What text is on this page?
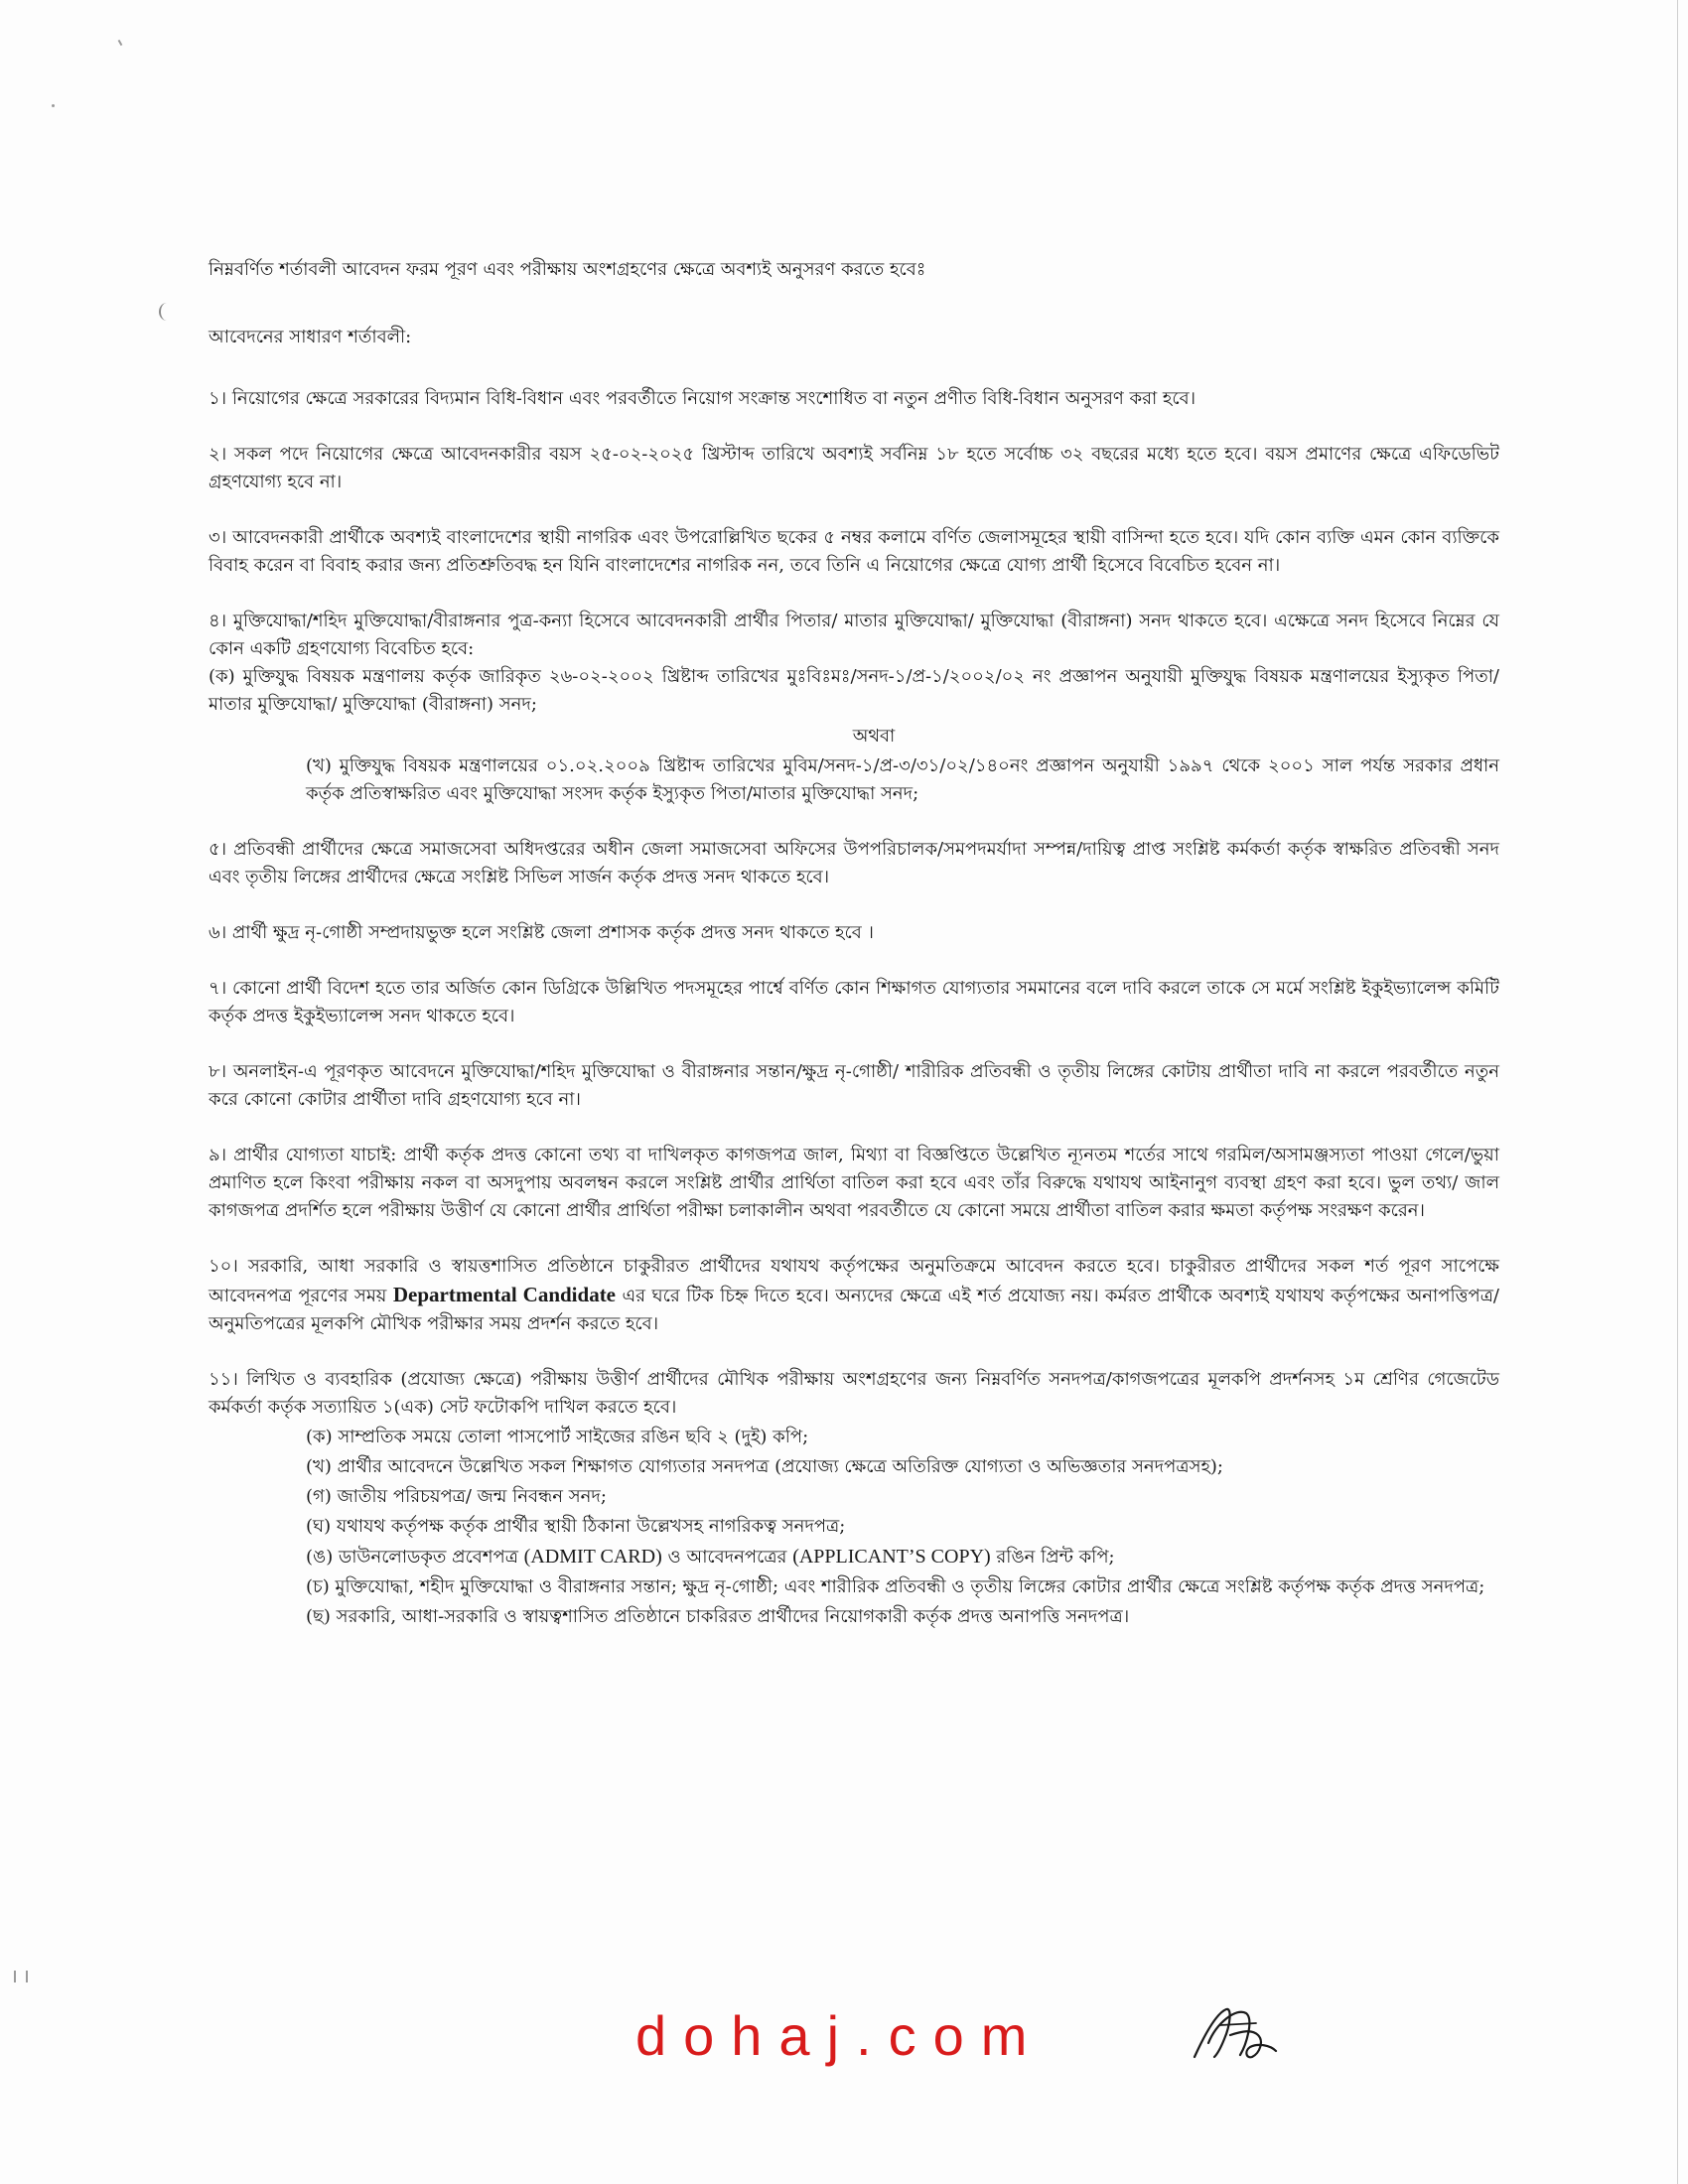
নিম্নবর্ণিত শর্তাবলী আবেদন ফরম পূরণ এবং পরীক্ষায় অংশগ্রহণের ক্ষেত্রে অবশ্যই অনুসরণ করতে হবেঃ

আবেদনের সাধারণ শর্তাবলী:

১। নিয়োগের ক্ষেত্রে সরকারের বিদ্যমান বিধি-বিধান এবং পরবর্তীতে নিয়োগ সংক্রান্ত সংশোধিত বা নতুন প্রণীত বিধি-বিধান অনুসরণ করা হবে।

২। সকল পদে নিয়োগের ক্ষেত্রে আবেদনকারীর বয়স ২৫-০২-২০২৫ খ্রিস্টাব্দ তারিখে অবশ্যই সর্বনিম্ন ১৮ হতে সর্বোচ্চ ৩২ বছরের মধ্যে হতে হবে। বয়স প্রমাণের ক্ষেত্রে এফিডেভিট গ্রহণযোগ্য হবে না।

৩। আবেদনকারী প্রার্থীকে অবশ্যই বাংলাদেশের স্থায়ী নাগরিক এবং উপরোল্লিখিত ছকের ৫ নম্বর কলামে বর্ণিত জেলাসমূহের স্থায়ী বাসিন্দা হতে হবে। যদি কোন ব্যক্তি এমন কোন ব্যক্তিকে বিবাহ করেন বা বিবাহ করার জন্য প্রতিশ্রুতিবদ্ধ হন যিনি বাংলাদেশের নাগরিক নন, তবে তিনি এ নিয়োগের ক্ষেত্রে যোগ্য প্রার্থী হিসেবে বিবেচিত হবেন না।

৪। মুক্তিযোদ্ধা/শহিদ মুক্তিযোদ্ধা/বীরাঙ্গনার পুত্র-কন্যা হিসেবে আবেদনকারী প্রার্থীর পিতার/ মাতার মুক্তিযোদ্ধা/ মুক্তিযোদ্ধা (বীরাঙ্গনা) সনদ থাকতে হবে। এক্ষেত্রে সনদ হিসেবে নিম্নের যে কোন একটি গ্রহণযোগ্য বিবেচিত হবে:

(ক) মুক্তিযুদ্ধ বিষয়ক মন্ত্রণালয় কর্তৃক জারিকৃত ২৬-০২-২০০২ খ্রিষ্টাব্দ তারিখের মুঃবিঃমঃ/সনদ-১/প্র-১/২০০২/০২ নং প্রজ্ঞাপন অনুযায়ী মুক্তিযুদ্ধ বিষয়ক মন্ত্রণালয়ের ইস্যুকৃত পিতা/মাতার মুক্তিযোদ্ধা/ মুক্তিযোদ্ধা (বীরাঙ্গনা) সনদ;

অথবা

(খ) মুক্তিযুদ্ধ বিষয়ক মন্ত্রণালয়ের ০১.০২.২০০৯ খ্রিষ্টাব্দ তারিখের মুবিম/সনদ-১/প্র-৩/৩১/০২/১৪০নং প্রজ্ঞাপন অনুযায়ী ১৯৯৭ থেকে ২০০১ সাল পর্যন্ত সরকার প্রধান কর্তৃক প্রতিস্বাক্ষরিত এবং মুক্তিযোদ্ধা সংসদ কর্তৃক ইস্যুকৃত পিতা/মাতার মুক্তিযোদ্ধা সনদ;

৫। প্রতিবন্ধী প্রার্থীদের ক্ষেত্রে সমাজসেবা অধিদপ্তরের অধীন জেলা সমাজসেবা অফিসের উপপরিচালক/সমপদমর্যাদা সম্পন্ন/দায়িত্ব প্রাপ্ত সংশ্লিষ্ট কর্মকর্তা কর্তৃক স্বাক্ষরিত প্রতিবন্ধী সনদ এবং তৃতীয় লিঙ্গের প্রার্থীদের ক্ষেত্রে সংশ্লিষ্ট সিভিল সার্জন কর্তৃক প্রদত্ত সনদ থাকতে হবে।

৬। প্রার্থী ক্ষুদ্র নৃ-গোষ্ঠী সম্প্রদায়ভুক্ত হলে সংশ্লিষ্ট জেলা প্রশাসক কর্তৃক প্রদত্ত সনদ থাকতে হবে ।

৭। কোনো প্রার্থী বিদেশ হতে তার অর্জিত কোন ডিগ্রিকে উল্লিখিত পদসমূহের পার্শ্বে বর্ণিত কোন শিক্ষাগত যোগ্যতার সমমানের বলে দাবি করলে তাকে সে মর্মে সংশ্লিষ্ট ইকুইভ্যালেন্স কমিটি কর্তৃক প্রদত্ত ইকুইভ্যালেন্স সনদ থাকতে হবে।

৮। অনলাইন-এ পূরণকৃত আবেদনে মুক্তিযোদ্ধা/শহিদ মুক্তিযোদ্ধা ও বীরাঙ্গনার সন্তান/ক্ষুদ্র নৃ-গোষ্ঠী/ শারীরিক প্রতিবন্ধী ও তৃতীয় লিঙ্গের কোটায় প্রার্থীতা দাবি না করলে পরবর্তীতে নতুন করে কোনো কোটার প্রার্থীতা দাবি গ্রহণযোগ্য হবে না।

৯। প্রার্থীর যোগ্যতা যাচাই: প্রার্থী কর্তৃক প্রদত্ত কোনো তথ্য বা দাখিলকৃত কাগজপত্র জাল, মিথ্যা বা বিজ্ঞপ্তিতে উল্লেখিত ন্যূনতম শর্তের সাথে গরমিল/অসামঞ্জস্যতা পাওয়া গেলে/ভুয়া প্রমাণিত হলে কিংবা পরীক্ষায় নকল বা অসদুপায় অবলম্বন করলে সংশ্লিষ্ট প্রার্থীর প্রার্থিতা বাতিল করা হবে এবং তাঁর বিরুদ্ধে যথাযথ আইনানুগ ব্যবস্থা গ্রহণ করা হবে। ভুল তথ্য/ জাল কাগজপত্র প্রদর্শিত হলে পরীক্ষায় উত্তীর্ণ যে কোনো প্রার্থীর প্রার্থিতা পরীক্ষা চলাকালীন অথবা পরবর্তীতে যে কোনো সময়ে প্রার্থীতা বাতিল করার ক্ষমতা কর্তৃপক্ষ সংরক্ষণ করেন।

১০। সরকারি, আধা সরকারি ও স্বায়ত্তশাসিত প্রতিষ্ঠানে চাকুরীরত প্রার্থীদের যথাযথ কর্তৃপক্ষের অনুমতিক্রমে আবেদন করতে হবে। চাকুরীরত প্রার্থীদের সকল শর্ত পূরণ সাপেক্ষে আবেদনপত্র পূরণের সময় Departmental Candidate এর ঘরে টিক চিহ্ন দিতে হবে। অন্যদের ক্ষেত্রে এই শর্ত প্রযোজ্য নয়। কর্মরত প্রার্থীকে অবশ্যই যথাযথ কর্তৃপক্ষের অনাপত্তিপত্র/অনুমতিপত্রের মূলকপি মৌখিক পরীক্ষার সময় প্রদর্শন করতে হবে।

১১। লিখিত ও ব্যবহারিক (প্রযোজ্য ক্ষেত্রে) পরীক্ষায় উত্তীর্ণ প্রার্থীদের মৌখিক পরীক্ষায় অংশগ্রহণের জন্য নিম্নবর্ণিত সনদপত্র/কাগজপত্রের মূলকপি প্রদর্শনসহ ১ম শ্রেণির গেজেটেড কর্মকর্তা কর্তৃক সত্যায়িত ১(এক) সেট ফটোকপি দাখিল করতে হবে।

(ক) সাম্প্রতিক সময়ে তোলা পাসপোর্ট সাইজের রঙিন ছবি ২ (দুই) কপি;

(খ) প্রার্থীর আবেদনে উল্লেখিত সকল শিক্ষাগত যোগ্যতার সনদপত্র (প্রযোজ্য ক্ষেত্রে অতিরিক্ত যোগ্যতা ও অভিজ্ঞতার সনদপত্রসহ);

(গ) জাতীয় পরিচয়পত্র/ জন্ম নিবন্ধন সনদ;

(ঘ) যথাযথ কর্তৃপক্ষ কর্তৃক প্রার্থীর স্থায়ী ঠিকানা উল্লেখসহ নাগরিকত্ব সনদপত্র;

(ঙ) ডাউনলোডকৃত প্রবেশপত্র (ADMIT CARD) ও আবেদনপত্রের (APPLICANT’S COPY) রঙিন প্রিন্ট কপি;

(চ) মুক্তিযোদ্ধা, শহীদ মুক্তিযোদ্ধা ও বীরাঙ্গনার সন্তান; ক্ষুদ্র নৃ-গোষ্ঠী; এবং শারীরিক প্রতিবন্ধী ও তৃতীয় লিঙ্গের কোটার প্রার্থীর ক্ষেত্রে সংশ্লিষ্ট কর্তৃপক্ষ কর্তৃক প্রদত্ত সনদপত্র;

(ছ) সরকারি, আধা-সরকারি ও স্বায়ত্বশাসিত প্রতিষ্ঠানে চাকরিরত প্রার্থীদের নিয়োগকারী কর্তৃক প্রদত্ত অনাপত্তি সনদপত্র।

dohaj.com
